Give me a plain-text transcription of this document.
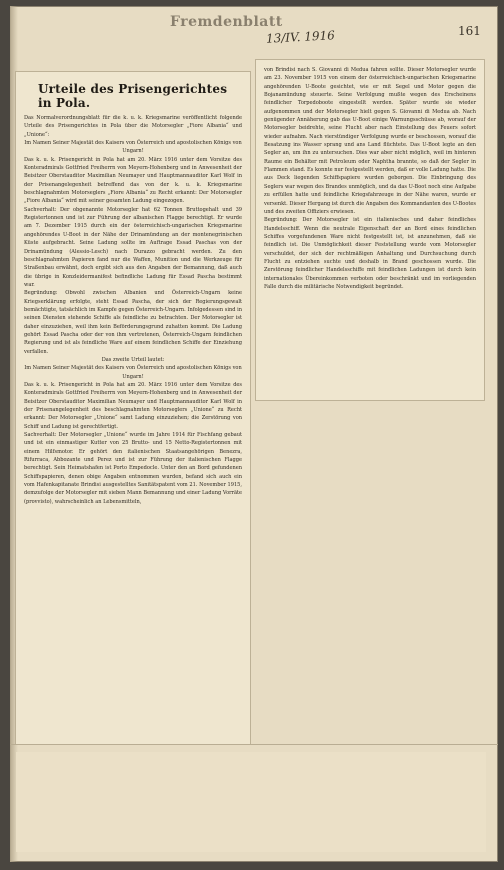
Fremdenblatt
13/IV. 1916	161
Urteile des Prisengerichtes in Pola.

Das Normalverordnungsblatt für die k. u. k. Kriegsmarine veröffentlicht folgende Urteile des Prisengerichtes in Pola über die Motorsegler „Fiore Albania“ und „Unione“:

Im Namen Seiner Majestät des Kaisers von Österreich und apostolischen Königs von Ungarn!

Das k. u. k. Prisengericht in Pola hat am 20. März 1916 unter dem Vorsitze des Konteradmirals Gottfried Freiherrn von Meyern-Hohenberg und in Anwesenheit der Beisitzer Oberstauditor Maximilian Neumayer und Hauptmannauditor Karl Wolf in der Prisenangelegenheit betreffend das von der k. u. k. Kriegsmarine beschlagnahmten Motorseglers „Fiore Albania“ zu Recht erkannt: Der Motorsegler „Fiore Albania“ wird mit seiner gesamten Ladung eingezogen.

Sachverhalt: Der obgenannte Motorsegler hat 62 Tonnen Bruttogehalt und 39 Registertonnen und ist zur Führung der albanischen Flagge berechtigt. Er wurde am 7. Dezember 1915 durch ein der österreichisch-ungarischen Kriegsmarine angehörendes U-Boot in der Nähe der Drinamündung an der montenegrinischen Küste aufgebracht. Seine Ladung sollte im Auftrage Essad Paschas von der Drinamündung (Alessio-Lesch) nach Durazzo gebracht werden. Zu den beschlagnahmten Papieren fand nur die Waffen, Munition und die Werkzeuge für Straßenbau erwähnt, doch ergibt sich aus den Angaben der Bemannung, daß auch die übrige in Konzleidermanifest befindliche Ladung für Essad Pascha bestimmt war.

Begründung: Obwohl zwischen Albanien und Österreich-Ungarn keine Kriegserklärung erfolgte, steht Essad Pascha, der sich der Regierungsgewalt bemächtigte, tatsächlich im Kampfe gegen Österreich-Ungarn. Infolgedessen sind in seinen Diensten stehende Schiffe als feindliche zu betrachten. Der Motorsegler ist daher einzuziehen, weil ihm kein Beförderungsgrund zuhatten kommt. Die Ladung gehört Essad Pascha oder der von ihm vertretenen, Österreich-Ungarn feindlichen Regierung und ist als feindliche Ware auf einem feindlichen Schiffe der Einziehung verfallen.

Das zweite Urteil lautet:

Im Namen Seiner Majestät des Kaisers von Österreich und apostolischen Königs von Ungarn!

Das k. u. k. Prisengericht in Pola hat am 20. März 1916 unter dem Vorsitze des Konteradmirals Gottfried Freiherrn von Meyern-Hohenberg und in Anwesenheit der Beisitzer Oberstauditor Maximilian Neumayer und Hauptmannauditor Karl Wolf in der Prisenangelegenheit des beschlagnahmten Motorseglers „Unione“ zu Recht erkannt: Der Motorsegler „Unione“ samt Ladung einzuziehen; die Zerstörung von Schiff und Ladung ist gerechtfertigt.

Sachverhalt: Der Motorsegler „Unione“ wurde im Jahre 1914 für Fischfang gebaut und ist ein einmastiger Kutter von 25 Brutto- und 15 Netto-Registertonnen mit einem Hilfsmotor. Er gehört den italienischen Staatsangehörigen Benezra, Rifurraca, Abbozante und Perez und ist zur Führung der italienischen Flagge berechtigt. Sein Heimatshafen ist Porto Empedocle. Unter den an Bord gefundenen Schiffspapieren, denen obige Angaben entnommen wurden, befand sich auch ein vom Hafenkapitanate Brindisi ausgestelltes Sanitätspatent vom 21. November 1915, demzufolge der Motorsegler mit sieben Mann Bemannung und einer Ladung Vorräte (provvisto), wahrscheinlich an Lebensmitteln,

von Brindisi nach S. Giovanni di Medua fahren sollte. Dieser Motorsegler wurde am 23. November 1915 von einem der österreichisch-ungarischen Kriegsmarine angehörenden U-Boote gesichtet, wie er mit Segel und Motor gegen die Bojanamündung steuerte. Seine Verfolgung mußte wegen des Erscheinens feindlicher Torpedoboote eingestellt werden. Später wurde sie wieder aufgenommen und der Motorsegler hielt gegen S. Giovanni di Medua ab. Nach genügender Annäherung gab das U-Boot einige Warnungsschüsse ab, worauf der Motorsegler beidrehte, seine Flucht aber nach Einstellung des Feuers sofort wieder aufnahm. Nach vierstündiger Verfolgung wurde er beschossen, worauf die Besatzung ins Wasser sprang und ans Land flüchtete. Das U-Boot legte an den Segler an, um ihn zu untersuchen. Dies war aber nicht möglich, weil im hinteren Raume ein Behälter mit Petroleum oder Naphtha brannte, so daß der Segler in Flammen stand. Es konnte nur festgestellt werden, daß er volle Ladung hatte. Die aus Deck liegenden Schiffspapiere wurden geborgen. Die Einbringung des Seglers war wegen des Brandes unmöglich, und da das U-Boot noch eine Aufgabe zu erfüllen hatte und feindliche Kriegsfahrzeuge in der Nähe waren, wurde er versenkt. Dieser Hergang ist durch die Angaben des Kommandanten des U-Bootes und des zweiten Offiziers erwiesen.

Begründung: Der Motorsegler ist ein italienisches und daher feindliches Handelsschiff. Wenn die neutrale Eigenschaft der an Bord eines feindlichen Schiffes vorgefundenen Ware nicht festgestellt ist, ist anzunehmen, daß sie feindlich ist. Die Unmöglichkeit dieser Feststellung wurde vom Motorsegler verschuldet, der sich der rechtmäßigen Anhaltung und Durchsuchung durch Flucht zu entziehen suchte und deshalb in Brand geschossen wurde. Die Zerstörung feindlicher Handelsschiffe mit feindlichen Ladungen ist durch kein internationales Übereinkommen verboten oder beschränkt und im vorliegenden Falle durch die militärische Notwendigkeit begründet.
